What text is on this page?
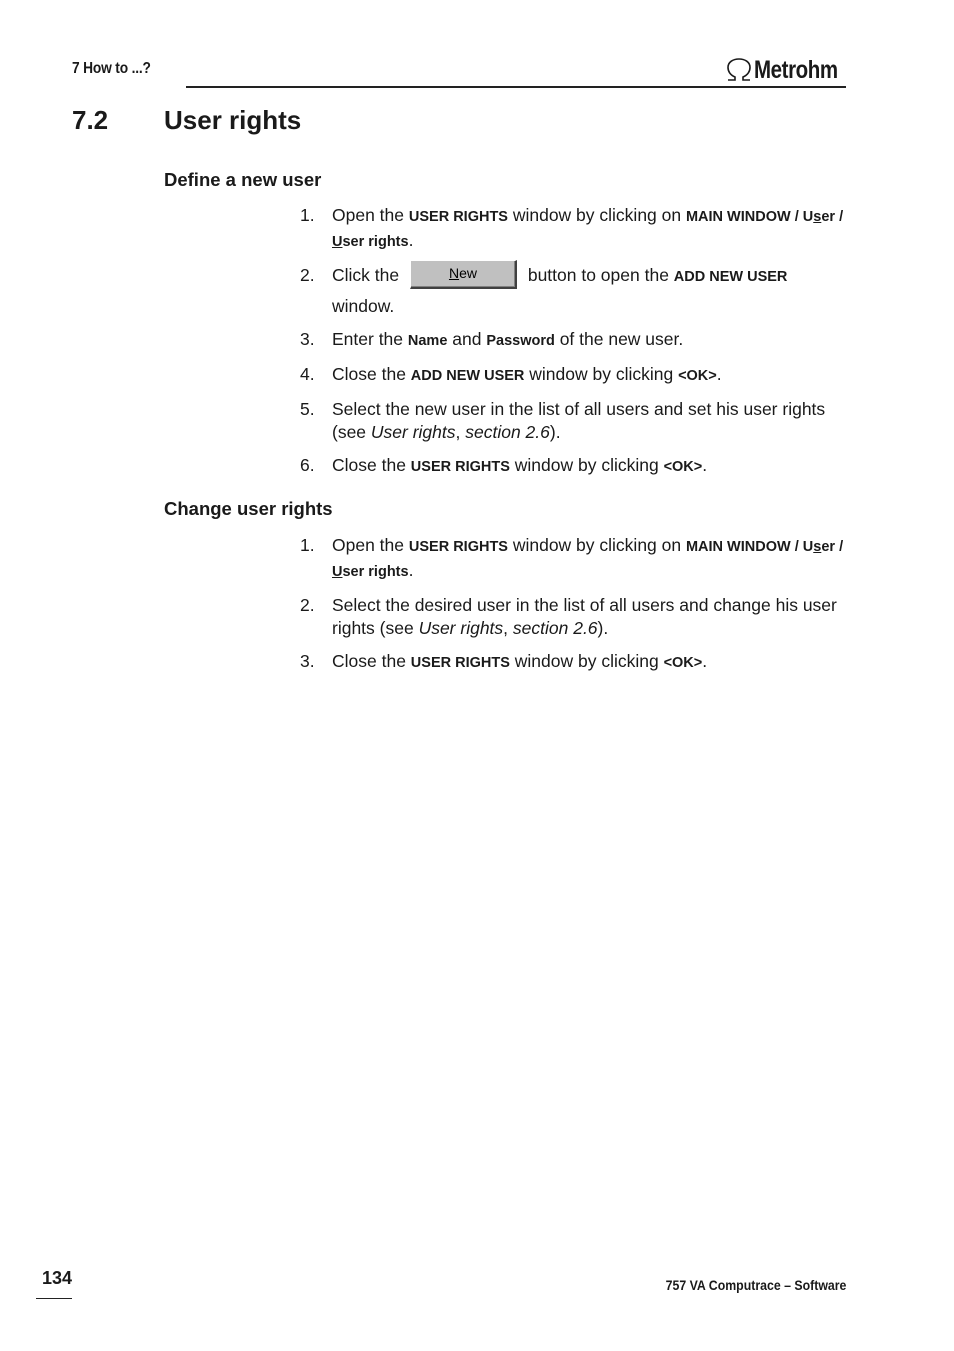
7 How to ...?	Metrohm
7.2 User rights
Define a new user
1. Open the USER RIGHTS window by clicking on MAIN WINDOW / User / User rights.
2. Click the	New	button to open the ADD NEW USER window.
3. Enter the Name and Password of the new user.
4. Close the ADD NEW USER window by clicking <OK>.
5. Select the new user in the list of all users and set his user rights (see User rights, section 2.6).
6. Close the USER RIGHTS window by clicking <OK>.
Change user rights
1. Open the USER RIGHTS window by clicking on MAIN WINDOW / User / User rights.
2. Select the desired user in the list of all users and change his user rights (see User rights, section 2.6).
3. Close the USER RIGHTS window by clicking <OK>.
134	757 VA Computrace – Software
